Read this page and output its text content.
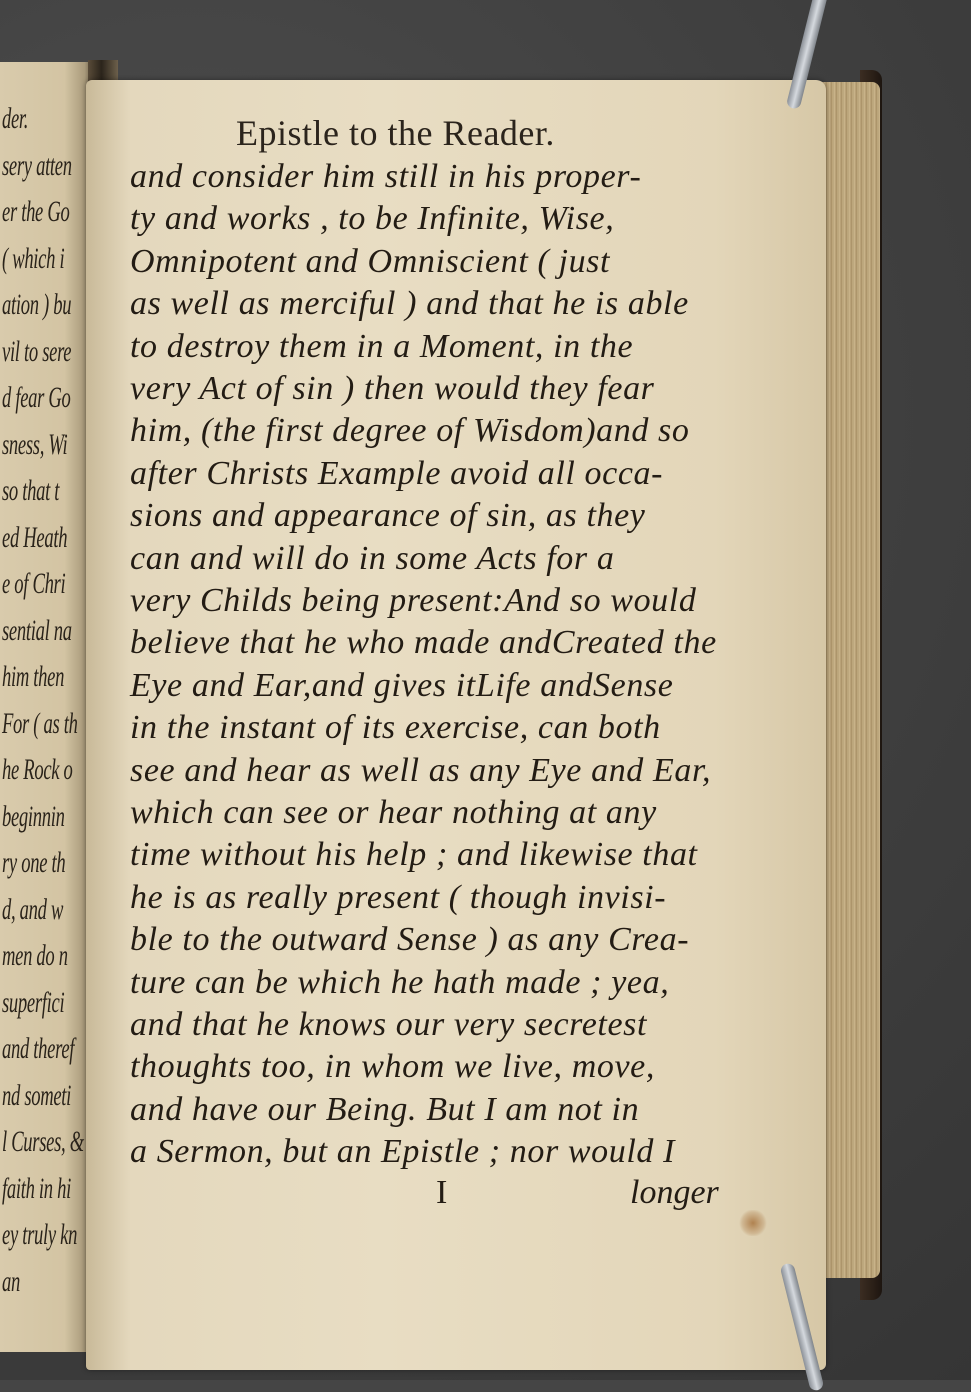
der.
sery atten
er the Go
( which i
ation ) bu
vil to sere
d fear Go
sness, Wi
so that t
ed Heath
e of Chri
sential na
him then
For ( as th
he Rock o
beginnin
ry one th
d, and w
men do n
superfici
and theref
nd someti
l Curses, &
faith in hi
ey truly kn
an
Epistle to the Reader.
and consider him still in his proper-
ty and works , to be Infinite, Wise,
Omnipotent and Omniscient ( just
as well as merciful ) and that he is able
to destroy them in a Moment, in the
very Act of sin ) then would they fear
him, (the first degree of Wisdom)and so
after Christs Example avoid all occa-
sions and appearance of sin, as they
can and will do in some Acts for a
very Childs being present:And so would
believe that he who made andCreated the
Eye and Ear,and gives itLife andSense
in the instant of its exercise, can both
see and hear as well as any Eye and Ear,
which can see or hear nothing at any
time without his help ; and likewise that
he is as really present ( though invisi-
ble to the outward Sense ) as any Crea-
ture can be which he hath made ; yea,
and that he knows our very secretest
thoughts too, in whom we live, move,
and have our Being. But I am not in
a Sermon, but an Epistle ; nor would I
I	longer
